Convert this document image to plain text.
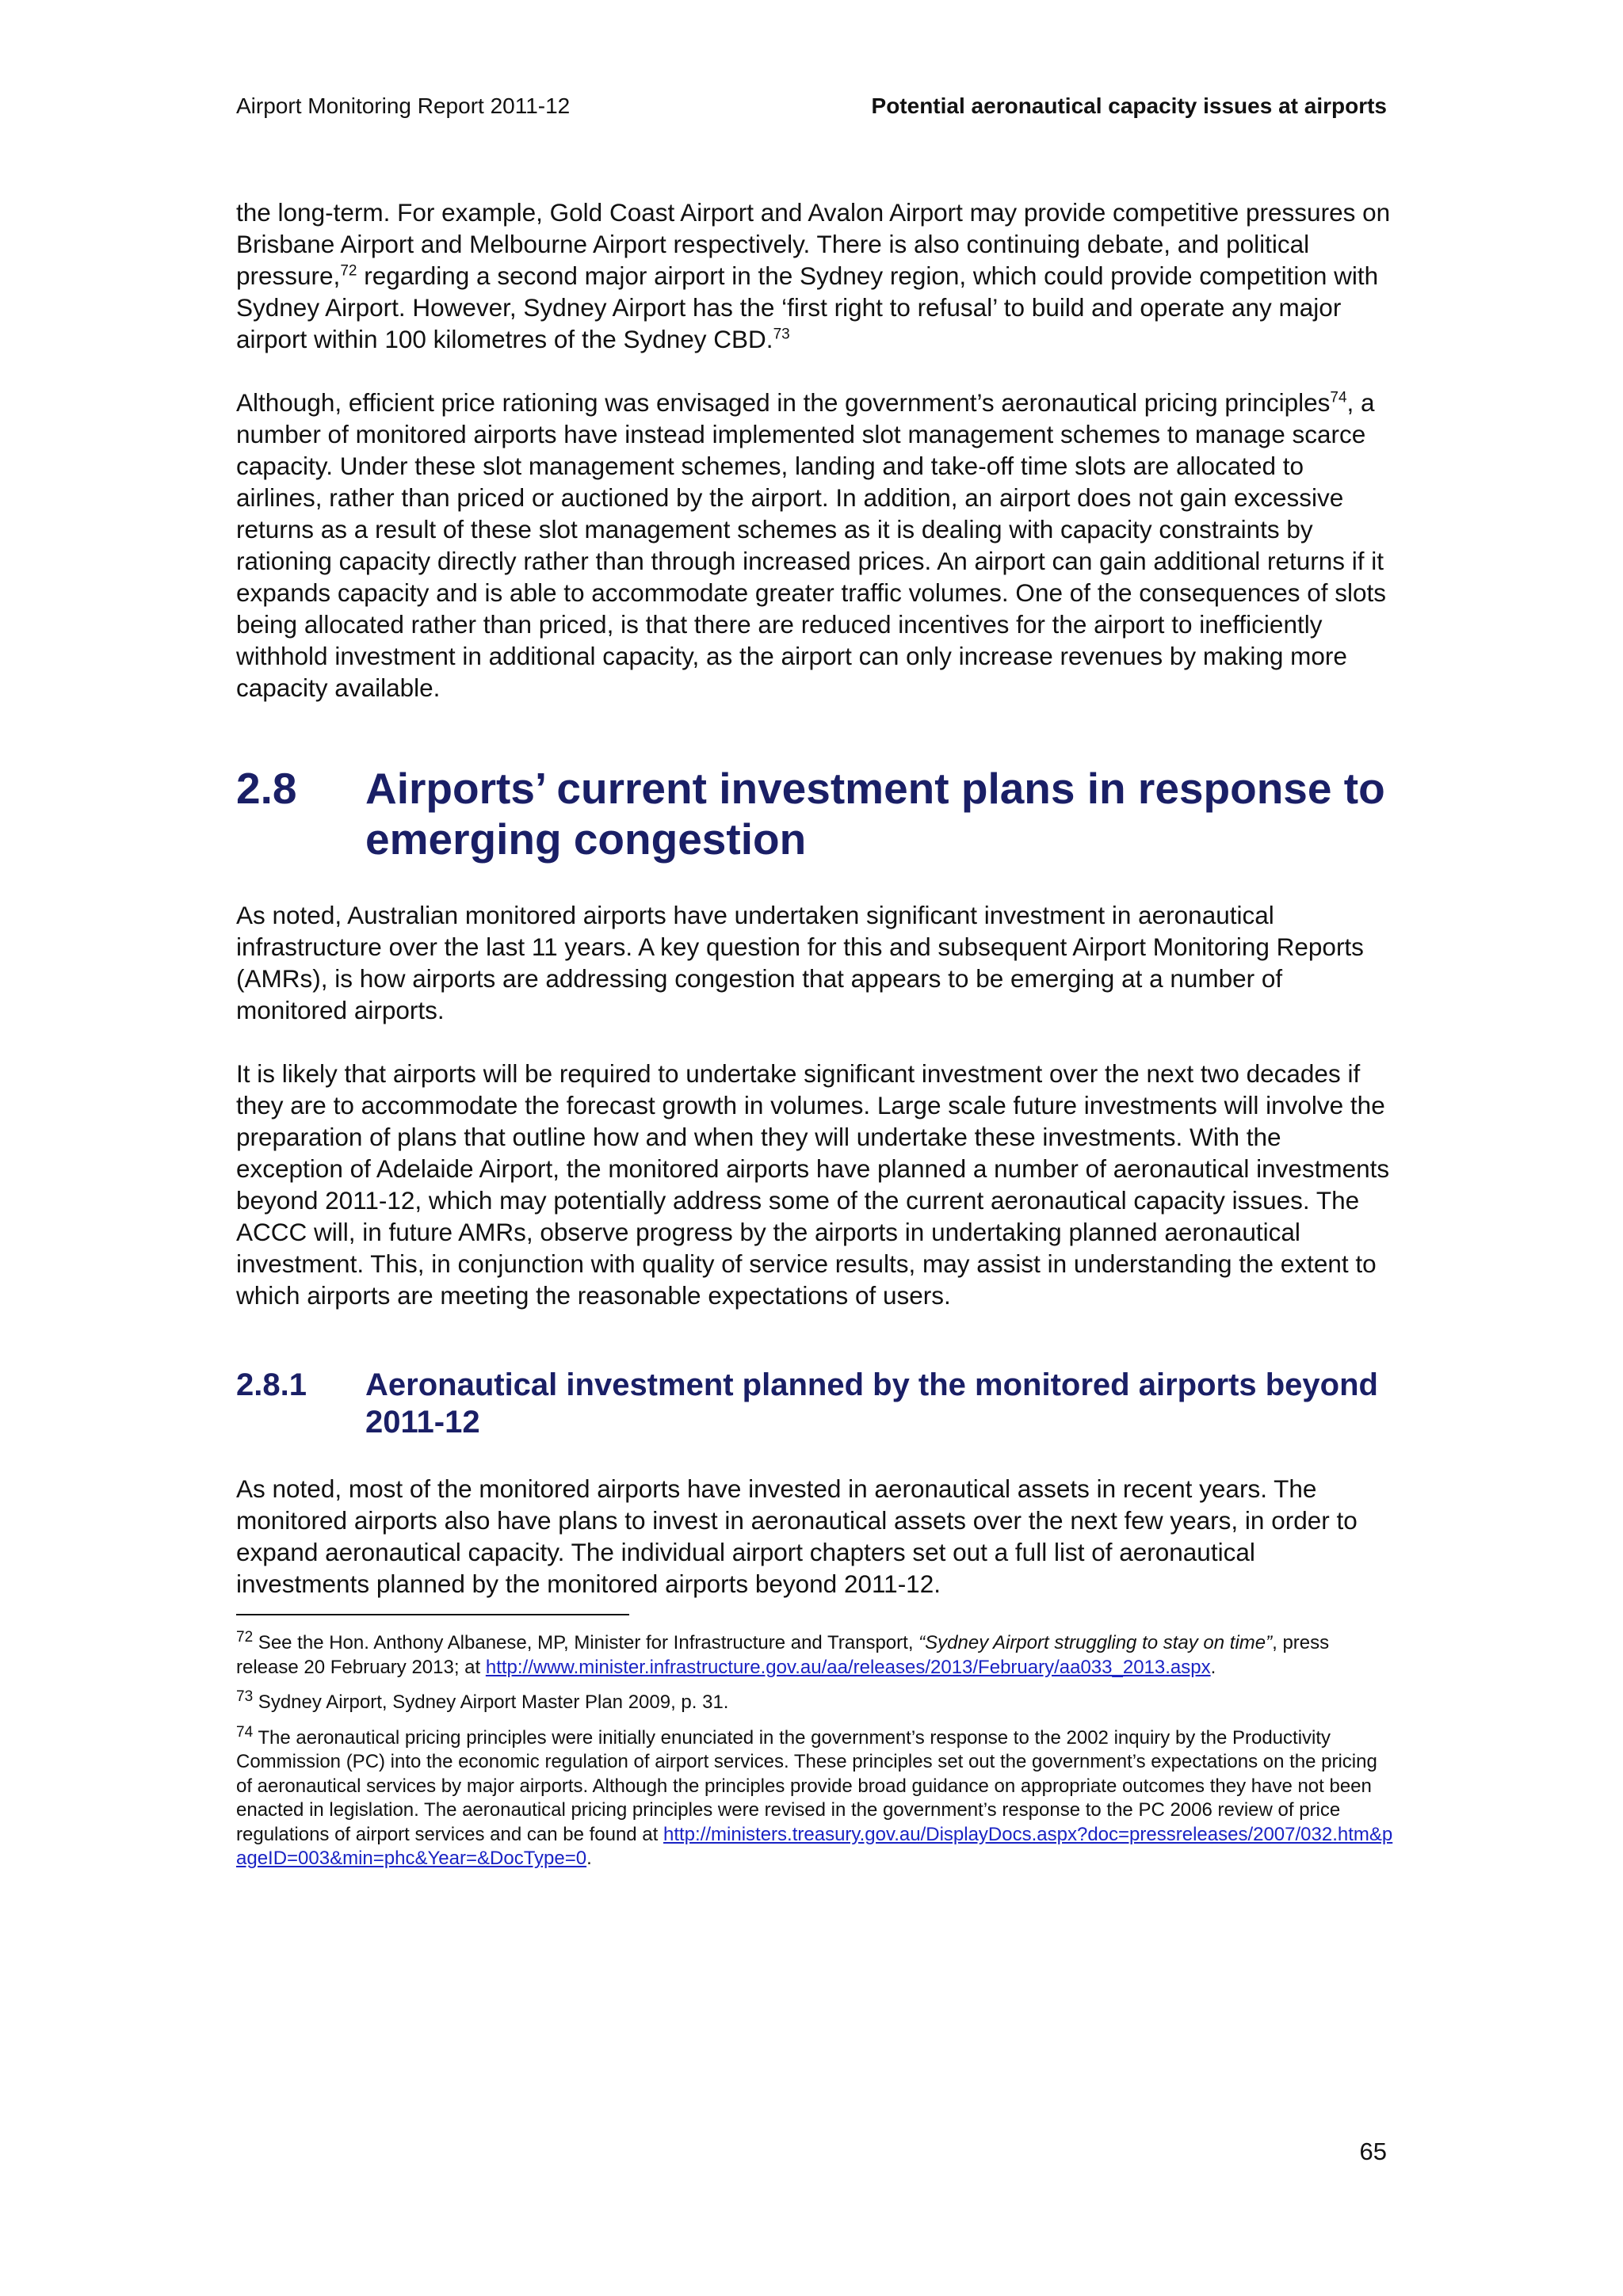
Airport Monitoring Report 2011-12	Potential aeronautical capacity issues at airports

the long-term. For example, Gold Coast Airport and Avalon Airport may provide competitive pressures on Brisbane Airport and Melbourne Airport respectively. There is also continuing debate, and political pressure,$^{72}$ regarding a second major airport in the Sydney region, which could provide competition with Sydney Airport. However, Sydney Airport has the ‘first right to refusal’ to build and operate any major airport within 100 kilometres of the Sydney CBD.$^{73}$

Although, efficient price rationing was envisaged in the government’s aeronautical pricing principles$^{74}$, a number of monitored airports have instead implemented slot management schemes to manage scarce capacity. Under these slot management schemes, landing and take-off time slots are allocated to airlines, rather than priced or auctioned by the airport. In addition, an airport does not gain excessive returns as a result of these slot management schemes as it is dealing with capacity constraints by rationing capacity directly rather than through increased prices. An airport can gain additional returns if it expands capacity and is able to accommodate greater traffic volumes. One of the consequences of slots being allocated rather than priced, is that there are reduced incentives for the airport to inefficiently withhold investment in additional capacity, as the airport can only increase revenues by making more capacity available.

2.8 Airports’ current investment plans in response to emerging congestion

As noted, Australian monitored airports have undertaken significant investment in aeronautical infrastructure over the last 11 years. A key question for this and subsequent Airport Monitoring Reports (AMRs), is how airports are addressing congestion that appears to be emerging at a number of monitored airports.

It is likely that airports will be required to undertake significant investment over the next two decades if they are to accommodate the forecast growth in volumes. Large scale future investments will involve the preparation of plans that outline how and when they will undertake these investments. With the exception of Adelaide Airport, the monitored airports have planned a number of aeronautical investments beyond 2011-12, which may potentially address some of the current aeronautical capacity issues. The ACCC will, in future AMRs, observe progress by the airports in undertaking planned aeronautical investment. This, in conjunction with quality of service results, may assist in understanding the extent to which airports are meeting the reasonable expectations of users.

2.8.1 Aeronautical investment planned by the monitored airports beyond 2011-12

As noted, most of the monitored airports have invested in aeronautical assets in recent years. The monitored airports also have plans to invest in aeronautical assets over the next few years, in order to expand aeronautical capacity. The individual airport chapters set out a full list of aeronautical investments planned by the monitored airports beyond 2011-12.

$^{72}$ See the Hon. Anthony Albanese, MP, Minister for Infrastructure and Transport, “Sydney Airport struggling to stay on time”, press release 20 February 2013; at http://www.minister.infrastructure.gov.au/aa/releases/2013/February/aa033_2013.aspx.

$^{73}$ Sydney Airport, Sydney Airport Master Plan 2009, p. 31.

$^{74}$ The aeronautical pricing principles were initially enunciated in the government’s response to the 2002 inquiry by the Productivity Commission (PC) into the economic regulation of airport services. These principles set out the government’s expectations on the pricing of aeronautical services by major airports. Although the principles provide broad guidance on appropriate outcomes they have not been enacted in legislation. The aeronautical pricing principles were revised in the government’s response to the PC 2006 review of price regulations of airport services and can be found at http://ministers.treasury.gov.au/DisplayDocs.aspx?doc=pressreleases/2007/032.htm&pageID=003&min=phc&Year=&DocType=0.

65
